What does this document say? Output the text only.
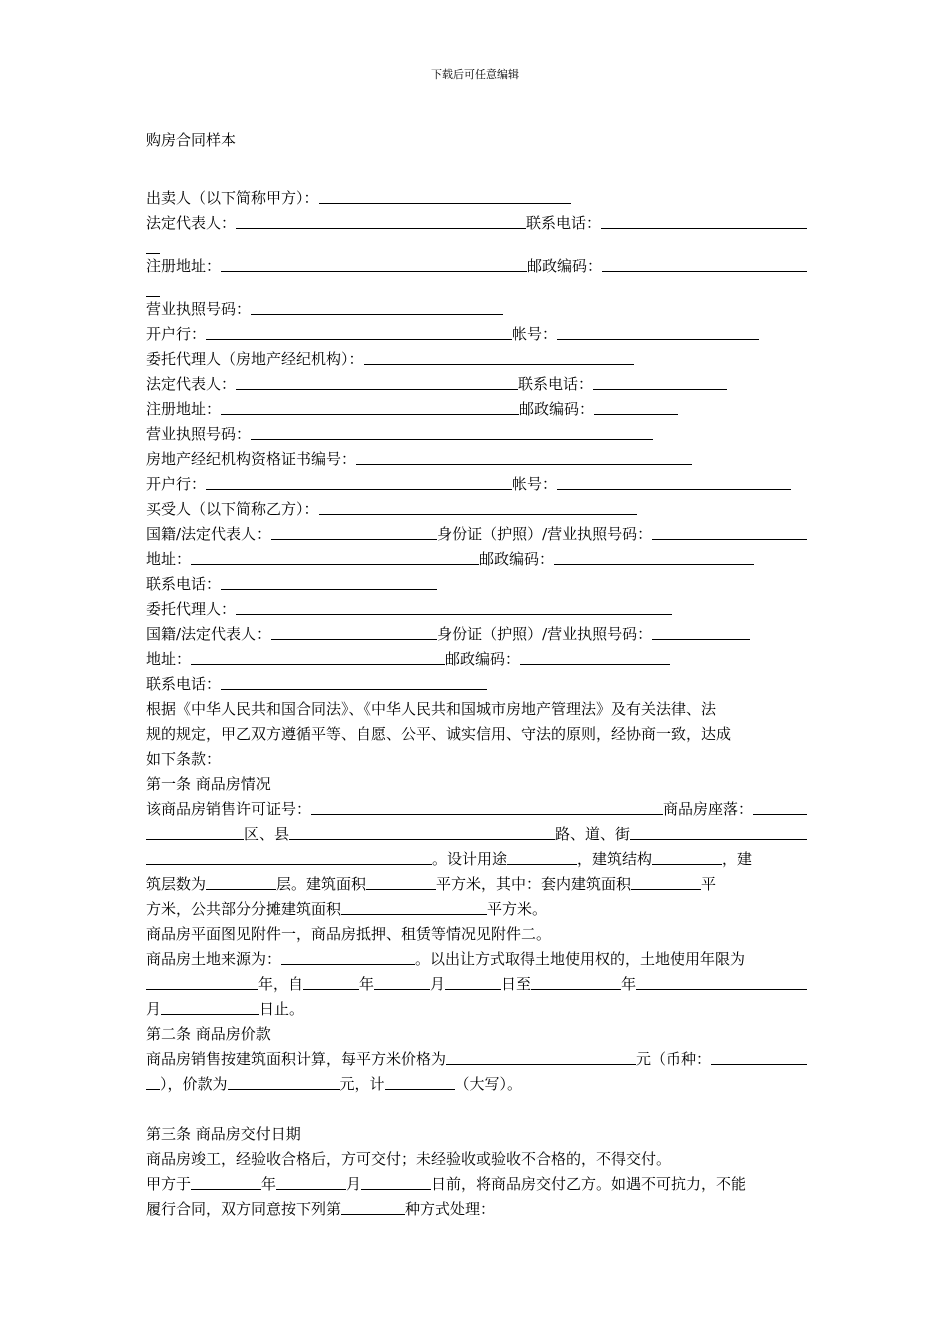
下载后可任意编辑
购房合同样本
出卖人（以下简称甲方）：
法定代表人：	联系电话：
注册地址：	邮政编码：
营业执照号码：
开户行：	帐号：
委托代理人（房地产经纪机构）：
法定代表人：	联系电话：
注册地址：	邮政编码：
营业执照号码：
房地产经纪机构资格证书编号：
开户行：	帐号：
买受人（以下简称乙方）：
国籍/法定代表人：	身份证（护照）/营业执照号码：
地址：	邮政编码：
联系电话：
委托代理人：
国籍/法定代表人：	身份证（护照）/营业执照号码：
地址：	邮政编码：
联系电话：
根据《中华人民共和国合同法》、《中华人民共和国城市房地产管理法》及有关法律、法
规的规定，甲乙双方遵循平等、自愿、公平、诚实信用、守法的原则，经协商一致，达成
如下条款：
第一条 商品房情况
该商品房销售许可证号：	商品房座落：
区、县	路、道、街
。设计用途	，建筑结构	，建
筑层数为	层。建筑面积	平方米，其中：套内建筑面积	平
方米，公共部分分摊建筑面积	平方米。
商品房平面图见附件一，商品房抵押、租赁等情况见附件二。
商品房土地来源为：	。以出让方式取得土地使用权的，土地使用年限为
年，自	年	月	日至	年
月	日止。
第二条 商品房价款
商品房销售按建筑面积计算，每平方米价格为	元（币种：
），价款为	元，计	（大写）。
第三条 商品房交付日期
商品房竣工，经验收合格后，方可交付；未经验收或验收不合格的，不得交付。
甲方于	年	月	日前，将商品房交付乙方。如遇不可抗力，不能
履行合同，双方同意按下列第	种方式处理：
